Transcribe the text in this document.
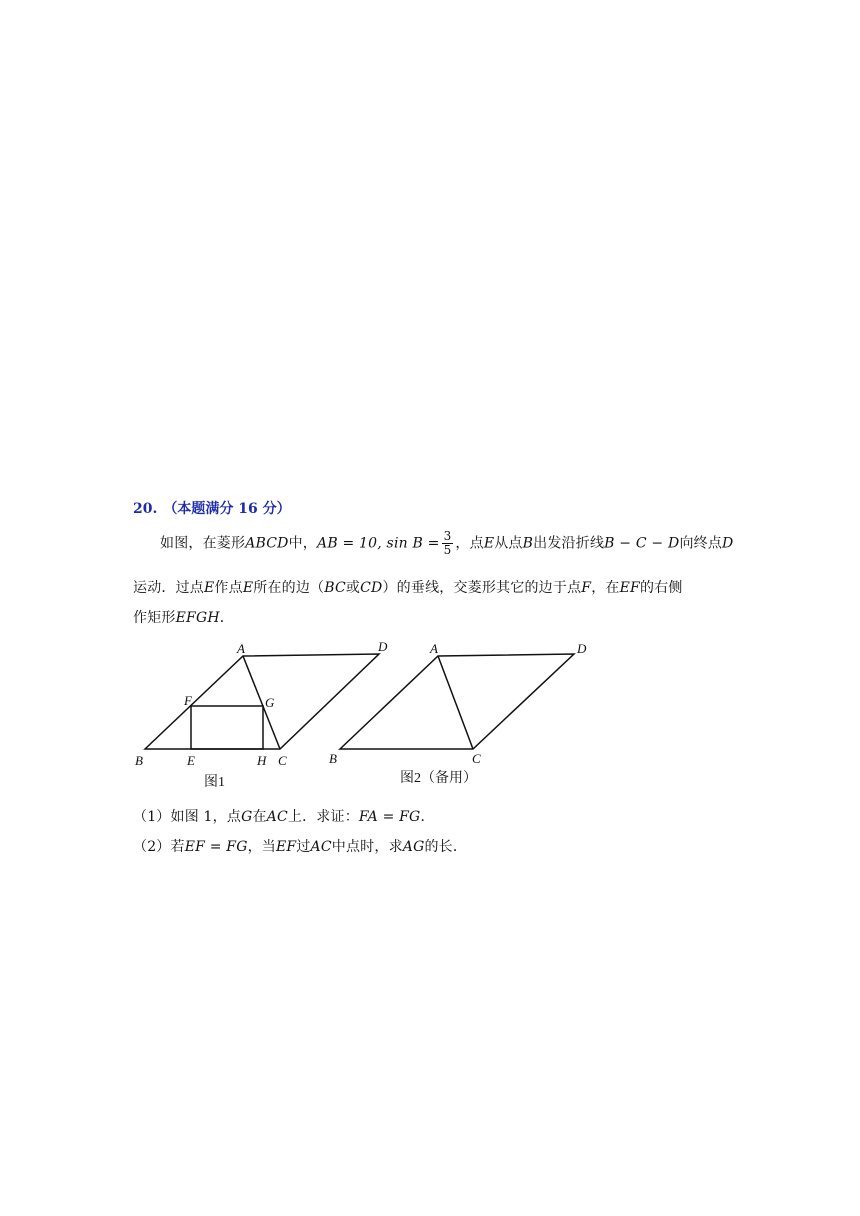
20. （本题满分 16 分）
如图，在菱形ABCD中，AB = 10, $\sin B = \frac{3}{5}$ ，点E从点B出发沿折线B − C − D向终点D
运动．过点E作点E所在的边（BC或CD）的垂线，交菱形其它的边于点F，在EF的右侧
作矩形EFGH．
A	D
F	G
B	E	H C
图1
A	D
B	C
图2（备用）
（1）如图 1，点G在AC上．求证：FA = FG．
（2）若EF = FG，当EF过AC中点时，求AG的长．
